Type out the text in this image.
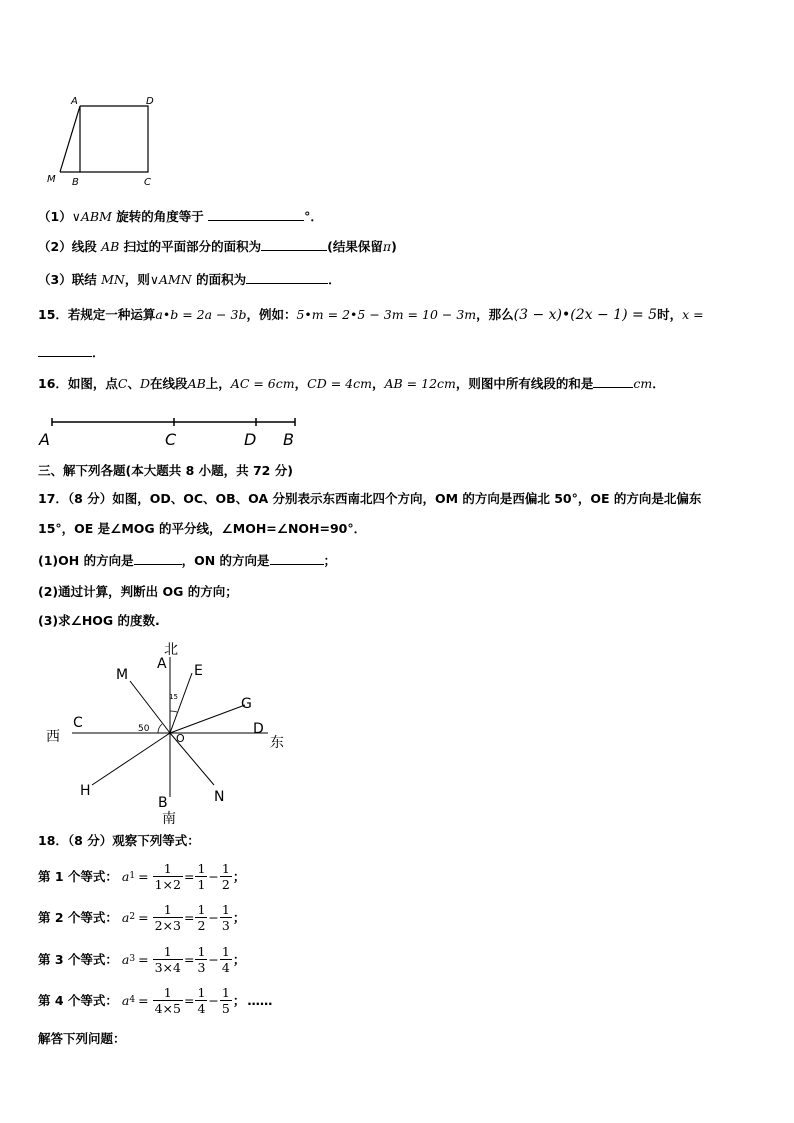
A	D
M B	C
（1）∨ABM 旋转的角度等于	°．
（2）线段 AB 扫过的平面部分的面积为	(结果保留π)
（3）联结 MN，则∨AMN 的面积为	．
15．若规定一种运算a•b = 2a − 3b，例如：5•m = 2•5 − 3m = 10 − 3m，那么(3 − x)•(2x − 1) = 5时，x =
．
16．如图，点C、D在线段AB上，AC = 6cm，CD = 4cm，AB = 12cm，则图中所有线段的和是	cm．
A	C	D B
三、解下列各题(本大题共 8 小题，共 72 分)
17．（8 分）如图，OD、OC、OB、OA 分别表示东西南北四个方向，OM 的方向是西偏北 50°，OE 的方向是北偏东
15°，OE 是∠MOG 的平分线，∠MOH=∠NOH=90°．
(1)OH 的方向是	，ON 的方向是	；
(2)通过计算，判断出 OG 的方向；
(3)求∠HOG 的度数.
北
A E
M
15	G
C	50	D
O
西	东
H	N
B
南
18．（8 分）观察下列等式：
第 1 个等式： a $1 = \frac{1}{1\times 2} = \frac{1}{1} - \frac{1}{2}$ ；
第 2 个等式： a $2 = \frac{1}{2\times 3} = \frac{1}{2} - \frac{1}{3}$ ；
第 3 个等式： a $3 = \frac{1}{3\times 4} = \frac{1}{3} - \frac{1}{4}$ ；
第 4 个等式： a $4 = \frac{1}{4\times 5} = \frac{1}{4} - \frac{1}{5}$ ； ……
解答下列问题：
